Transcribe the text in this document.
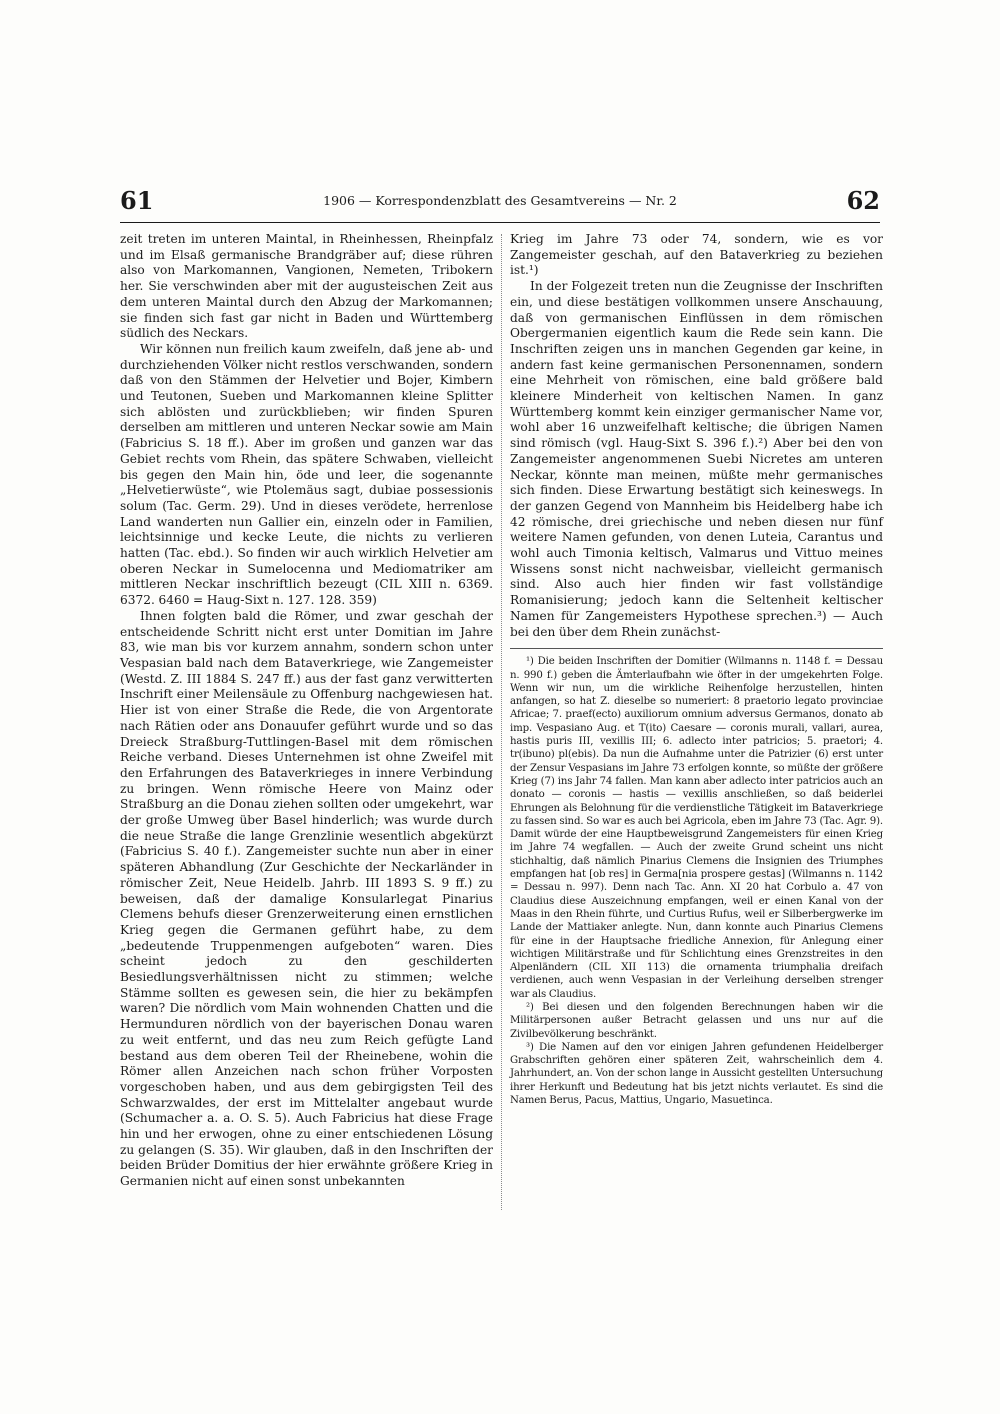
61	1906 — Korrespondenzblatt des Gesamtvereins — Nr. 2	62

zeit treten im unteren Maintal, in Rheinhessen, Rheinpfalz und im Elsaß germanische Brandgräber auf; diese rühren also von Markomannen, Vangionen, Nemeten, Tribokern her. Sie verschwinden aber mit der augusteischen Zeit aus dem unteren Maintal durch den Abzug der Markomannen; sie finden sich fast gar nicht in Baden und Württemberg südlich des Neckars.

Wir können nun freilich kaum zweifeln, daß jene ab- und durchziehenden Völker nicht restlos verschwanden, sondern daß von den Stämmen der Helvetier und Bojer, Kimbern und Teutonen, Sueben und Markomannen kleine Splitter sich ablösten und zurückblieben; wir finden Spuren derselben am mittleren und unteren Neckar sowie am Main (Fabricius S. 18 ff.). Aber im großen und ganzen war das Gebiet rechts vom Rhein, das spätere Schwaben, vielleicht bis gegen den Main hin, öde und leer, die sogenannte „Helvetierwüste“, wie Ptolemäus sagt, dubiae possessionis solum (Tac. Germ. 29). Und in dieses verödete, herrenlose Land wanderten nun Gallier ein, einzeln oder in Familien, leichtsinnige und kecke Leute, die nichts zu verlieren hatten (Tac. ebd.). So finden wir auch wirklich Helvetier am oberen Neckar in Sumelocenna und Mediomatriker am mittleren Neckar inschriftlich bezeugt (CIL XIII n. 6369. 6372. 6460 = Haug-Sixt n. 127. 128. 359)

Ihnen folgten bald die Römer, und zwar geschah der entscheidende Schritt nicht erst unter Domitian im Jahre 83, wie man bis vor kurzem annahm, sondern schon unter Vespasian bald nach dem Bataverkriege, wie Zangemeister (Westd. Z. III 1884 S. 247 ff.) aus der fast ganz verwitterten Inschrift einer Meilensäule zu Offenburg nachgewiesen hat. Hier ist von einer Straße die Rede, die von Argentorate nach Rätien oder ans Donauufer geführt wurde und so das Dreieck Straßburg-Tuttlingen-Basel mit dem römischen Reiche verband. Dieses Unternehmen ist ohne Zweifel mit den Erfahrungen des Bataverkrieges in innere Verbindung zu bringen. Wenn römische Heere von Mainz oder Straßburg an die Donau ziehen sollten oder umgekehrt, war der große Umweg über Basel hinderlich; was wurde durch die neue Straße die lange Grenzlinie wesentlich abgekürzt (Fabricius S. 40 f.). Zangemeister suchte nun aber in einer späteren Abhandlung (Zur Geschichte der Neckarländer in römischer Zeit, Neue Heidelb. Jahrb. III 1893 S. 9 ff.) zu beweisen, daß der damalige Konsularlegat Pinarius Clemens behufs dieser Grenzerweiterung einen ernstlichen Krieg gegen die Germanen geführt habe, zu dem „bedeutende Truppenmengen aufgeboten“ waren. Dies scheint jedoch zu den geschilderten Besiedlungsverhältnissen nicht zu stimmen; welche Stämme sollten es gewesen sein, die hier zu bekämpfen waren? Die nördlich vom Main wohnenden Chatten und die Hermunduren nördlich von der bayerischen Donau waren zu weit entfernt, und das neu zum Reich gefügte Land bestand aus dem oberen Teil der Rheinebene, wohin die Römer allen Anzeichen nach schon früher Vorposten vorgeschoben haben, und aus dem gebirgigsten Teil des Schwarzwaldes, der erst im Mittelalter angebaut wurde (Schumacher a. a. O. S. 5). Auch Fabricius hat diese Frage hin und her erwogen, ohne zu einer entschiedenen Lösung zu gelangen (S. 35). Wir glauben, daß in den Inschriften der beiden Brüder Domitius der hier erwähnte größere Krieg in Germanien nicht auf einen sonst unbekannten

Krieg im Jahre 73 oder 74, sondern, wie es vor Zangemeister geschah, auf den Bataverkrieg zu beziehen ist.¹)

In der Folgezeit treten nun die Zeugnisse der Inschriften ein, und diese bestätigen vollkommen unsere Anschauung, daß von germanischen Einflüssen in dem römischen Obergermanien eigentlich kaum die Rede sein kann. Die Inschriften zeigen uns in manchen Gegenden gar keine, in andern fast keine germanischen Personennamen, sondern eine Mehrheit von römischen, eine bald größere bald kleinere Minderheit von keltischen Namen. In ganz Württemberg kommt kein einziger germanischer Name vor, wohl aber 16 unzweifelhaft keltische; die übrigen Namen sind römisch (vgl. Haug-Sixt S. 396 f.).²) Aber bei den von Zangemeister angenommenen Suebi Nicretes am unteren Neckar, könnte man meinen, müßte mehr germanisches sich finden. Diese Erwartung bestätigt sich keineswegs. In der ganzen Gegend von Mannheim bis Heidelberg habe ich 42 römische, drei griechische und neben diesen nur fünf weitere Namen gefunden, von denen Luteia, Carantus und wohl auch Timonia keltisch, Valmarus und Vittuo meines Wissens sonst nicht nachweisbar, vielleicht germanisch sind. Also auch hier finden wir fast vollständige Romanisierung; jedoch kann die Seltenheit keltischer Namen für Zangemeisters Hypothese sprechen.³) — Auch bei den über dem Rhein zunächst-

¹) Die beiden Inschriften der Domitier (Wilmanns n. 1148 f. = Dessau n. 990 f.) geben die Ämterlaufbahn wie öfter in der umgekehrten Folge. Wenn wir nun, um die wirkliche Reihenfolge herzustellen, hinten anfangen, so hat Z. dieselbe so numeriert: 8 praetorio legato provinciae Africae; 7. praef(ecto) auxiliorum omnium adversus Germanos, donato ab imp. Vespasiano Aug. et T(ito) Caesare — coronis murali, vallari, aurea, hastis puris III, vexillis III; 6. adlecto inter patricios; 5. praetori; 4. tr(ibuno) pl(ebis). Da nun die Aufnahme unter die Patrizier (6) erst unter der Zensur Vespasians im Jahre 73 erfolgen konnte, so müßte der größere Krieg (7) ins Jahr 74 fallen. Man kann aber adlecto inter patricios auch an donato — coronis — hastis — vexillis anschließen, so daß beiderlei Ehrungen als Belohnung für die verdienstliche Tätigkeit im Bataverkriege zu fassen sind. So war es auch bei Agricola, eben im Jahre 73 (Tac. Agr. 9). Damit würde der eine Hauptbeweisgrund Zangemeisters für einen Krieg im Jahre 74 wegfallen. — Auch der zweite Grund scheint uns nicht stichhaltig, daß nämlich Pinarius Clemens die Insignien des Triumphes empfangen hat [ob res] in Germa[nia prospere gestas] (Wilmanns n. 1142 = Dessau n. 997). Denn nach Tac. Ann. XI 20 hat Corbulo a. 47 von Claudius diese Auszeichnung empfangen, weil er einen Kanal von der Maas in den Rhein führte, und Curtius Rufus, weil er Silberbergwerke im Lande der Mattiaker anlegte. Nun, dann konnte auch Pinarius Clemens für eine in der Hauptsache friedliche Annexion, für Anlegung einer wichtigen Militärstraße und für Schlichtung eines Grenzstreites in den Alpenländern (CIL XII 113) die ornamenta triumphalia dreifach verdienen, auch wenn Vespasian in der Verleihung derselben strenger war als Claudius.

²) Bei diesen und den folgenden Berechnungen haben wir die Militärpersonen außer Betracht gelassen und uns nur auf die Zivilbevölkerung beschränkt.

³) Die Namen auf den vor einigen Jahren gefundenen Heidelberger Grabschriften gehören einer späteren Zeit, wahrscheinlich dem 4. Jahrhundert, an. Von der schon lange in Aussicht gestellten Untersuchung ihrer Herkunft und Bedeutung hat bis jetzt nichts verlautet. Es sind die Namen Berus, Pacus, Mattius, Ungario, Masuetinca.
